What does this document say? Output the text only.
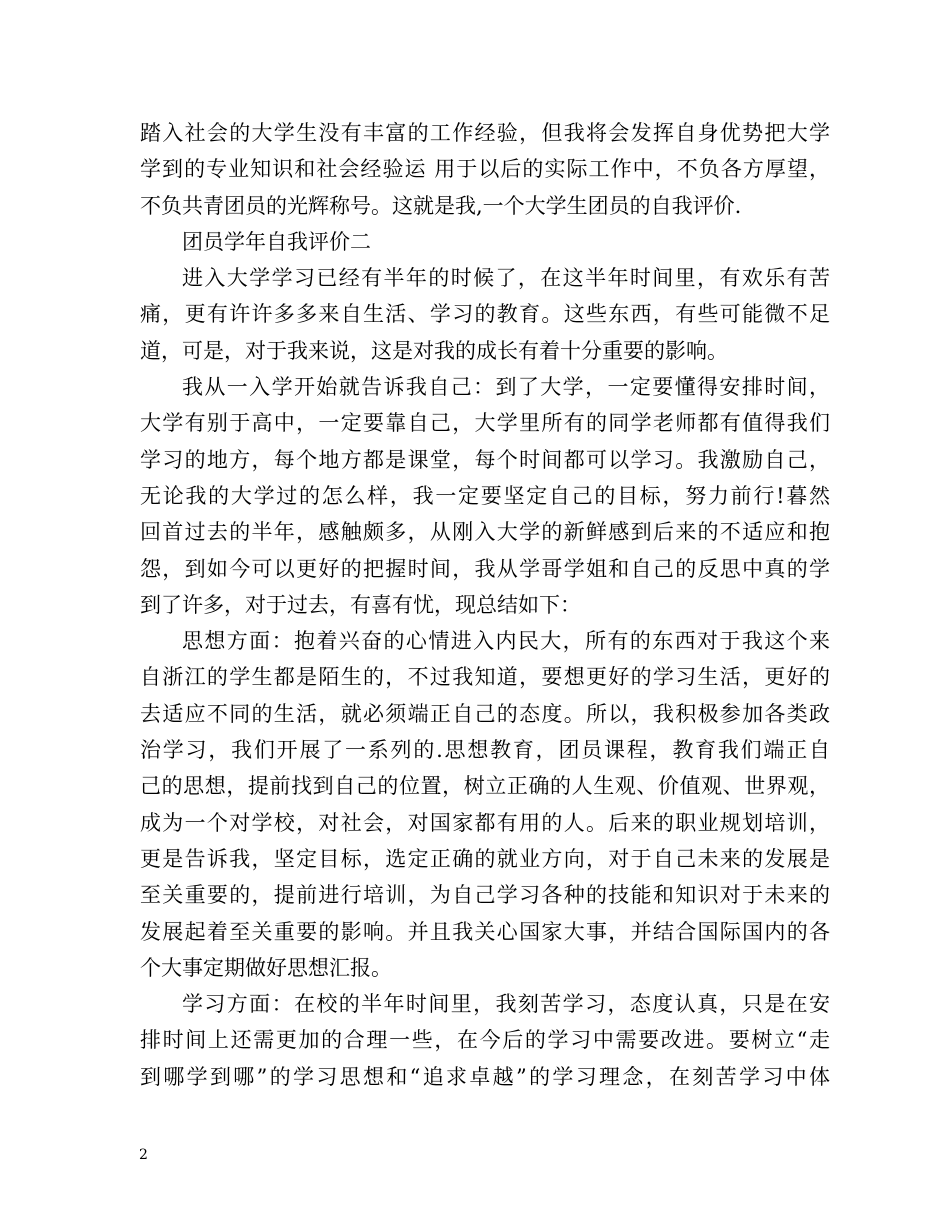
踏入社会的大学生没有丰富的工作经验，但我将会发挥自身优势把大学
学到的专业知识和社会经验运 用于以后的实际工作中，不负各方厚望，
不负共青团员的光辉称号。这就是我,一个大学生团员的自我评价.
团员学年自我评价二
进入大学学习已经有半年的时候了，在这半年时间里，有欢乐有苦
痛，更有许许多多来自生活、学习的教育。这些东西，有些可能微不足
道，可是，对于我来说，这是对我的成长有着十分重要的影响。
我从一入学开始就告诉我自己：到了大学，一定要懂得安排时间，
大学有别于高中，一定要靠自己，大学里所有的同学老师都有值得我们
学习的地方，每个地方都是课堂，每个时间都可以学习。我激励自己，
无论我的大学过的怎么样，我一定要坚定自己的目标，努力前行!暮然
回首过去的半年，感触颇多，从刚入大学的新鲜感到后来的不适应和抱
怨，到如今可以更好的把握时间，我从学哥学姐和自己的反思中真的学
到了许多，对于过去，有喜有忧，现总结如下：
思想方面：抱着兴奋的心情进入内民大，所有的东西对于我这个来
自浙江的学生都是陌生的，不过我知道，要想更好的学习生活，更好的
去适应不同的生活，就必须端正自己的态度。所以，我积极参加各类政
治学习，我们开展了一系列的.思想教育，团员课程，教育我们端正自
己的思想，提前找到自己的位置，树立正确的人生观、价值观、世界观，
成为一个对学校，对社会，对国家都有用的人。后来的职业规划培训，
更是告诉我，坚定目标，选定正确的就业方向，对于自己未来的发展是
至关重要的，提前进行培训，为自己学习各种的技能和知识对于未来的
发展起着至关重要的影响。并且我关心国家大事，并结合国际国内的各
个大事定期做好思想汇报。
学习方面：在校的半年时间里，我刻苦学习，态度认真，只是在安
排时间上还需更加的合理一些，在今后的学习中需要改进。要树立“走
到哪学到哪”的学习思想和“追求卓越”的学习理念，在刻苦学习中体
2
